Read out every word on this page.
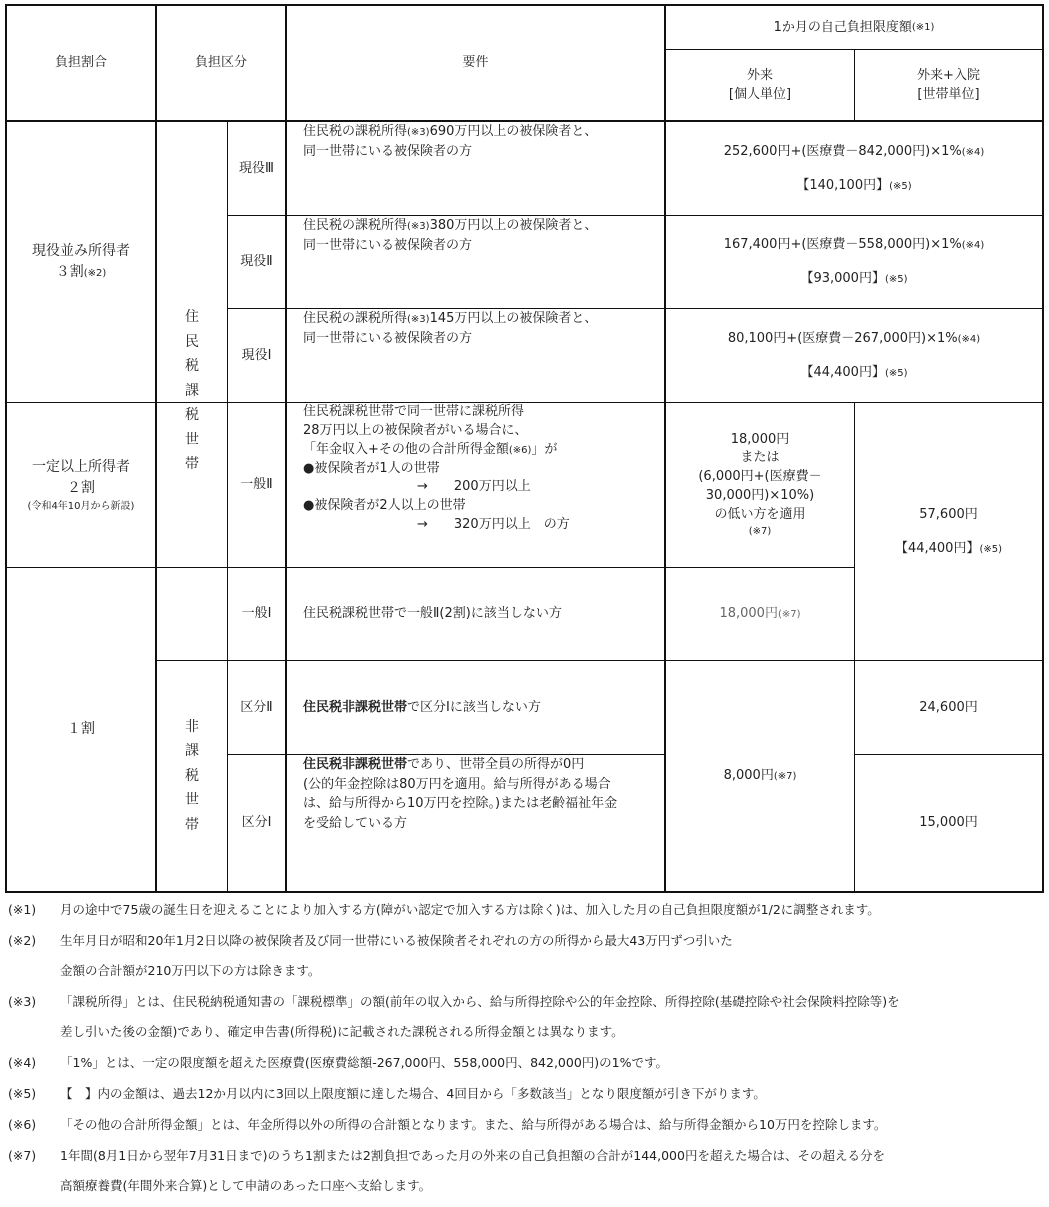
負担割合	負担区分	要件
1か月の自己負担限度額 (※1)
外来
[個人単位]
外来+入院
[世帯単位]
現役並み所得者
３割(※2)
一定以上所得者
２割
(令和4年10月から新設)
１割
住
民
税
課
税
世
帯
非
課
税
世
帯
現役Ⅲ
現役Ⅱ
現役Ⅰ
一般Ⅱ
一般Ⅰ
区分Ⅱ
区分Ⅰ
住民税の課税所得(※3)690万円以上の被保険者と、
同一世帯にいる被保険者の方
住民税の課税所得(※3)380万円以上の被保険者と、
同一世帯にいる被保険者の方
住民税の課税所得(※3)145万円以上の被保険者と、
同一世帯にいる被保険者の方
住民税課税世帯で同一世帯に課税所得
28万円以上の被保険者がいる場合に、
「年金収入+その他の合計所得金額(※6)」が
●被保険者が1人の世帯
→　　200万円以上
●被保険者が2人以上の世帯
→　　320万円以上　の方
住民税課税世帯で一般Ⅱ(2割)に該当しない方
住民税非課税世帯で区分Ⅰに該当しない方
住民税非課税世帯であり、世帯全員の所得が0円
(公的年金控除は80万円を適用。給与所得がある場合
は、給与所得から10万円を控除。)または老齢福祉年金
を受給している方
252,600円+(医療費－842,000円)×1%(※4)
【140,100円】(※5)
167,400円+(医療費－558,000円)×1%(※4)
【93,000円】(※5)
80,100円+(医療費－267,000円)×1%(※4)
【44,400円】(※5)
18,000円
または
(6,000円+(医療費－
30,000円)×10%)
の低い方を適用
(※7)
18,000円 (※7)
57,600円
【44,400円】(※5)
8,000円 (※7)
24,600円
15,000円
(※1) 月の途中で75歳の誕生日を迎えることにより加入する方(障がい認定で加入する方は除く)は、加入した月の自己負担限度額が1/2に調整されます。
(※2) 生年月日が昭和20年1月2日以降の被保険者及び同一世帯にいる被保険者それぞれの方の所得から最大43万円ずつ引いた
金額の合計額が210万円以下の方は除きます。
(※3) 「課税所得」とは、住民税納税通知書の「課税標準」の額(前年の収入から、給与所得控除や公的年金控除、所得控除(基礎控除や社会保険料控除等)を
差し引いた後の金額)であり、確定申告書(所得税)に記載された課税される所得金額とは異なります。
(※4) 「1%」とは、一定の限度額を超えた医療費(医療費総額-267,000円、558,000円、842,000円)の1%です。
(※5) 【　】内の金額は、過去12か月以内に3回以上限度額に達した場合、4回目から「多数該当」となり限度額が引き下がります。
(※6) 「その他の合計所得金額」とは、年金所得以外の所得の合計額となります。また、給与所得がある場合は、給与所得金額から10万円を控除します。
(※7) 1年間(8月1日から翌年7月31日まで)のうち1割または2割負担であった月の外来の自己負担額の合計が144,000円を超えた場合は、その超える分を
高額療養費(年間外来合算)として申請のあった口座へ支給します。
